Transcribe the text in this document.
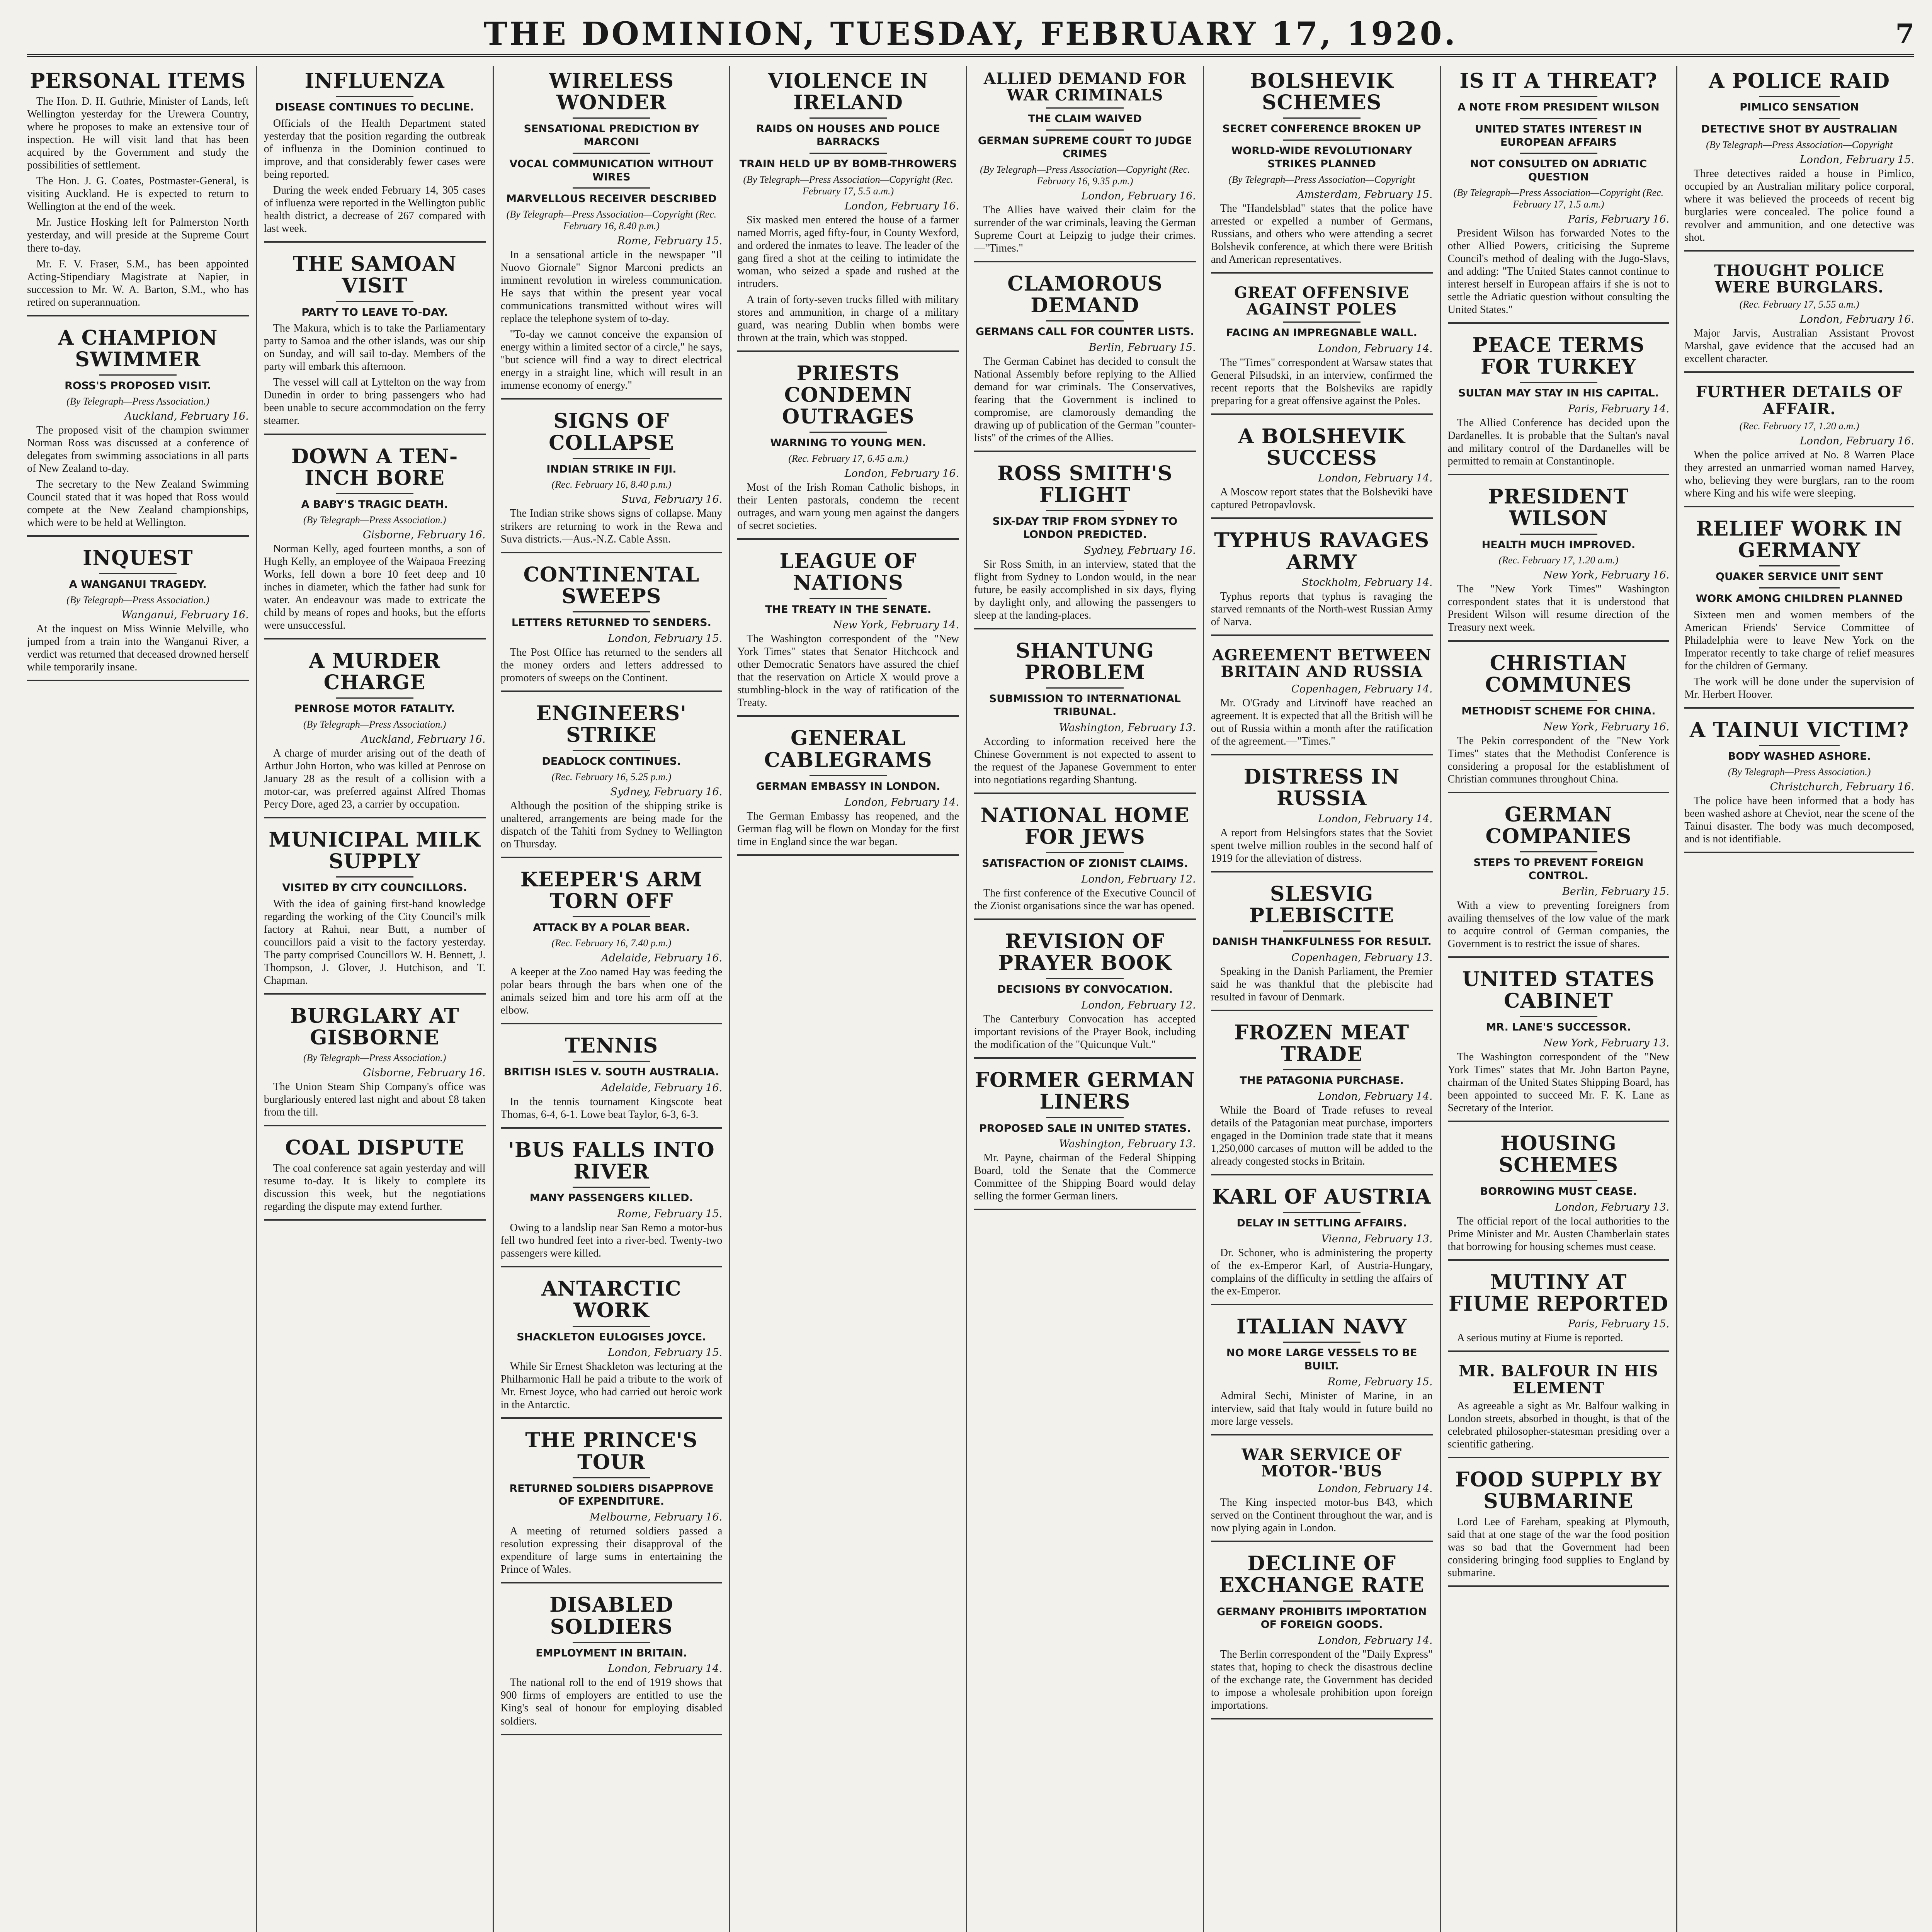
THE DOMINION, TUESDAY, FEBRUARY 17, 1920.	7
PERSONAL ITEMS

The Hon. D. H. Guthrie, Minister of Lands, left Wellington yesterday for the Urewera Country, where he proposes to make an extensive tour of inspection. He will visit land that has been acquired by the Government and study the possibilities of settlement.

The Hon. J. G. Coates, Postmaster-General, is visiting Auckland. He is expected to return to Wellington at the end of the week.

Mr. Justice Hosking left for Palmerston North yesterday, and will preside at the Supreme Court there to-day.

Mr. F. V. Fraser, S.M., has been appointed Acting-Stipendiary Magistrate at Napier, in succession to Mr. W. A. Barton, S.M., who has retired on superannuation.

A CHAMPION SWIMMER
ROSS'S PROPOSED VISIT.
(By Telegraph—Press Association.)
Auckland, February 16.

The proposed visit of the champion swimmer Norman Ross was discussed at a conference of delegates from swimming associations in all parts of New Zealand to-day.

The secretary to the New Zealand Swimming Council stated that it was hoped that Ross would compete at the New Zealand championships, which were to be held at Wellington.

INQUEST
A WANGANUI TRAGEDY.
(By Telegraph—Press Association.)
Wanganui, February 16.

At the inquest on Miss Winnie Melville, who jumped from a train into the Wanganui River, a verdict was returned that deceased drowned herself while temporarily insane.

INFLUENZA
DISEASE CONTINUES TO DECLINE.

Officials of the Health Department stated yesterday that the position regarding the outbreak of influenza in the Dominion continued to improve, and that considerably fewer cases were being reported.

During the week ended February 14, 305 cases of influenza were reported in the Wellington public health district, a decrease of 267 compared with last week.

THE SAMOAN VISIT
PARTY TO LEAVE TO-DAY.

The Makura, which is to take the Parliamentary party to Samoa and the other islands, was our ship on Sunday, and will sail to-day. Members of the party will embark this afternoon.

The vessel will call at Lyttelton on the way from Dunedin in order to bring passengers who had been unable to secure accommodation on the ferry steamer.

DOWN A TEN-INCH BORE
A BABY'S TRAGIC DEATH.
(By Telegraph—Press Association.)
Gisborne, February 16.

Norman Kelly, aged fourteen months, a son of Hugh Kelly, an employee of the Waipaoa Freezing Works, fell down a bore 10 feet deep and 10 inches in diameter, which the father had sunk for water. An endeavour was made to extricate the child by means of ropes and hooks, but the efforts were unsuccessful.

A MURDER CHARGE
PENROSE MOTOR FATALITY.
(By Telegraph—Press Association.)
Auckland, February 16.

A charge of murder arising out of the death of Arthur John Horton, who was killed at Penrose on January 28 as the result of a collision with a motor-car, was preferred against Alfred Thomas Percy Dore, aged 23, a carrier by occupation.

MUNICIPAL MILK SUPPLY
VISITED BY CITY COUNCILLORS.

With the idea of gaining first-hand knowledge regarding the working of the City Council's milk factory at Rahui, near Butt, a number of councillors paid a visit to the factory yesterday. The party comprised Councillors W. H. Bennett, J. Thompson, J. Glover, J. Hutchison, and T. Chapman.

BURGLARY AT GISBORNE
(By Telegraph—Press Association.)
Gisborne, February 16.

The Union Steam Ship Company's office was burglariously entered last night and about £8 taken from the till.

COAL DISPUTE

The coal conference sat again yesterday and will resume to-day. It is likely to complete its discussion this week, but the negotiations regarding the dispute may extend further.

WIRELESS WONDER
SENSATIONAL PREDICTION BY MARCONI
VOCAL COMMUNICATION WITHOUT WIRES
MARVELLOUS RECEIVER DESCRIBED
(By Telegraph—Press Association—Copyright (Rec. February 16, 8.40 p.m.)
Rome, February 15.

In a sensational article in the newspaper "Il Nuovo Giornale" Signor Marconi predicts an imminent revolution in wireless communication. He says that within the present year vocal communications transmitted without wires will replace the telephone system of to-day.

"To-day we cannot conceive the expansion of energy within a limited sector of a circle," he says, "but science will find a way to direct electrical energy in a straight line, which will result in an immense economy of energy."

SIGNS OF COLLAPSE
INDIAN STRIKE IN FIJI.
(Rec. February 16, 8.40 p.m.)
Suva, February 16.

The Indian strike shows signs of collapse. Many strikers are returning to work in the Rewa and Suva districts.—Aus.-N.Z. Cable Assn.

CONTINENTAL SWEEPS
LETTERS RETURNED TO SENDERS.
London, February 15.

The Post Office has returned to the senders all the money orders and letters addressed to promoters of sweeps on the Continent.

ENGINEERS' STRIKE
DEADLOCK CONTINUES.
(Rec. February 16, 5.25 p.m.)
Sydney, February 16.

Although the position of the shipping strike is unaltered, arrangements are being made for the dispatch of the Tahiti from Sydney to Wellington on Thursday.

KEEPER'S ARM TORN OFF
ATTACK BY A POLAR BEAR.
(Rec. February 16, 7.40 p.m.)
Adelaide, February 16.

A keeper at the Zoo named Hay was feeding the polar bears through the bars when one of the animals seized him and tore his arm off at the elbow.

TENNIS
BRITISH ISLES V. SOUTH AUSTRALIA.
Adelaide, February 16.

In the tennis tournament Kingscote beat Thomas, 6-4, 6-1. Lowe beat Taylor, 6-3, 6-3.

'BUS FALLS INTO RIVER
MANY PASSENGERS KILLED.
Rome, February 15.

Owing to a landslip near San Remo a motor-bus fell two hundred feet into a river-bed. Twenty-two passengers were killed.

ANTARCTIC WORK
SHACKLETON EULOGISES JOYCE.
London, February 15.

While Sir Ernest Shackleton was lecturing at the Philharmonic Hall he paid a tribute to the work of Mr. Ernest Joyce, who had carried out heroic work in the Antarctic.

THE PRINCE'S TOUR
RETURNED SOLDIERS DISAPPROVE OF EXPENDITURE.
Melbourne, February 16.

A meeting of returned soldiers passed a resolution expressing their disapproval of the expenditure of large sums in entertaining the Prince of Wales.

DISABLED SOLDIERS
EMPLOYMENT IN BRITAIN.
London, February 14.

The national roll to the end of 1919 shows that 900 firms of employers are entitled to use the King's seal of honour for employing disabled soldiers.

VIOLENCE IN IRELAND
RAIDS ON HOUSES AND POLICE BARRACKS
TRAIN HELD UP BY BOMB-THROWERS
(By Telegraph—Press Association—Copyright (Rec. February 17, 5.5 a.m.)
London, February 16.

Six masked men entered the house of a farmer named Morris, aged fifty-four, in County Wexford, and ordered the inmates to leave. The leader of the gang fired a shot at the ceiling to intimidate the woman, who seized a spade and rushed at the intruders.

A train of forty-seven trucks filled with military stores and ammunition, in charge of a military guard, was nearing Dublin when bombs were thrown at the train, which was stopped.

PRIESTS CONDEMN OUTRAGES
WARNING TO YOUNG MEN.
(Rec. February 17, 6.45 a.m.)
London, February 16.

Most of the Irish Roman Catholic bishops, in their Lenten pastorals, condemn the recent outrages, and warn young men against the dangers of secret societies.

LEAGUE OF NATIONS
THE TREATY IN THE SENATE.
New York, February 14.

The Washington correspondent of the "New York Times" states that Senator Hitchcock and other Democratic Senators have assured the chief that the reservation on Article X would prove a stumbling-block in the way of ratification of the Treaty.

GENERAL CABLEGRAMS
GERMAN EMBASSY IN LONDON.
London, February 14.

The German Embassy has reopened, and the German flag will be flown on Monday for the first time in England since the war began.

ALLIED DEMAND FOR WAR CRIMINALS
THE CLAIM WAIVED
GERMAN SUPREME COURT TO JUDGE CRIMES
(By Telegraph—Press Association—Copyright (Rec. February 16, 9.35 p.m.)
London, February 16.

The Allies have waived their claim for the surrender of the war criminals, leaving the German Supreme Court at Leipzig to judge their crimes.—"Times."

CLAMOROUS DEMAND
GERMANS CALL FOR COUNTER LISTS.
Berlin, February 15.

The German Cabinet has decided to consult the National Assembly before replying to the Allied demand for war criminals. The Conservatives, fearing that the Government is inclined to compromise, are clamorously demanding the drawing up of publication of the German "counter-lists" of the crimes of the Allies.

ROSS SMITH'S FLIGHT
SIX-DAY TRIP FROM SYDNEY TO LONDON PREDICTED.
Sydney, February 16.

Sir Ross Smith, in an interview, stated that the flight from Sydney to London would, in the near future, be easily accomplished in six days, flying by daylight only, and allowing the passengers to sleep at the landing-places.

SHANTUNG PROBLEM
SUBMISSION TO INTERNATIONAL TRIBUNAL.
Washington, February 13.

According to information received here the Chinese Government is not expected to assent to the request of the Japanese Government to enter into negotiations regarding Shantung.

NATIONAL HOME FOR JEWS
SATISFACTION OF ZIONIST CLAIMS.
London, February 12.

The first conference of the Executive Council of the Zionist organisations since the war has opened.

REVISION OF PRAYER BOOK
DECISIONS BY CONVOCATION.
London, February 12.

The Canterbury Convocation has accepted important revisions of the Prayer Book, including the modification of the "Quicunque Vult."

FORMER GERMAN LINERS
PROPOSED SALE IN UNITED STATES.
Washington, February 13.

Mr. Payne, chairman of the Federal Shipping Board, told the Senate that the Commerce Committee of the Shipping Board would delay selling the former German liners.

BOLSHEVIK SCHEMES
SECRET CONFERENCE BROKEN UP
WORLD-WIDE REVOLUTIONARY STRIKES PLANNED
(By Telegraph—Press Association—Copyright
Amsterdam, February 15.

The "Handelsblad" states that the police have arrested or expelled a number of Germans, Russians, and others who were attending a secret Bolshevik conference, at which there were British and American representatives.

GREAT OFFENSIVE AGAINST POLES
FACING AN IMPREGNABLE WALL.
London, February 14.

The "Times" correspondent at Warsaw states that General Pilsudski, in an interview, confirmed the recent reports that the Bolsheviks are rapidly preparing for a great offensive against the Poles.

A BOLSHEVIK SUCCESS
London, February 14.

A Moscow report states that the Bolsheviki have captured Petropavlovsk.

TYPHUS RAVAGES ARMY
Stockholm, February 14.

Typhus reports that typhus is ravaging the starved remnants of the North-west Russian Army of Narva.

AGREEMENT BETWEEN BRITAIN AND RUSSIA
Copenhagen, February 14.

Mr. O'Grady and Litvinoff have reached an agreement. It is expected that all the British will be out of Russia within a month after the ratification of the agreement.—"Times."

DISTRESS IN RUSSIA
London, February 14.

A report from Helsingfors states that the Soviet spent twelve million roubles in the second half of 1919 for the alleviation of distress.

SLESVIG PLEBISCITE
DANISH THANKFULNESS FOR RESULT.
Copenhagen, February 13.

Speaking in the Danish Parliament, the Premier said he was thankful that the plebiscite had resulted in favour of Denmark.

FROZEN MEAT TRADE
THE PATAGONIA PURCHASE.
London, February 14.

While the Board of Trade refuses to reveal details of the Patagonian meat purchase, importers engaged in the Dominion trade state that it means 1,250,000 carcases of mutton will be added to the already congested stocks in Britain.

KARL OF AUSTRIA
DELAY IN SETTLING AFFAIRS.
Vienna, February 13.

Dr. Schoner, who is administering the property of the ex-Emperor Karl, of Austria-Hungary, complains of the difficulty in settling the affairs of the ex-Emperor.

ITALIAN NAVY
NO MORE LARGE VESSELS TO BE BUILT.
Rome, February 15.

Admiral Sechi, Minister of Marine, in an interview, said that Italy would in future build no more large vessels.

WAR SERVICE OF MOTOR-'BUS
London, February 14.

The King inspected motor-bus B43, which served on the Continent throughout the war, and is now plying again in London.

DECLINE OF EXCHANGE RATE
GERMANY PROHIBITS IMPORTATION OF FOREIGN GOODS.
London, February 14.

The Berlin correspondent of the "Daily Express" states that, hoping to check the disastrous decline of the exchange rate, the Government has decided to impose a wholesale prohibition upon foreign importations.

IS IT A THREAT?
A NOTE FROM PRESIDENT WILSON
UNITED STATES INTEREST IN EUROPEAN AFFAIRS
NOT CONSULTED ON ADRIATIC QUESTION
(By Telegraph—Press Association—Copyright (Rec. February 17, 1.5 a.m.)
Paris, February 16.

President Wilson has forwarded Notes to the other Allied Powers, criticising the Supreme Council's method of dealing with the Jugo-Slavs, and adding: "The United States cannot continue to interest herself in European affairs if she is not to settle the Adriatic question without consulting the United States."

PEACE TERMS FOR TURKEY
SULTAN MAY STAY IN HIS CAPITAL.
Paris, February 14.

The Allied Conference has decided upon the Dardanelles. It is probable that the Sultan's naval and military control of the Dardanelles will be permitted to remain at Constantinople.

PRESIDENT WILSON
HEALTH MUCH IMPROVED.
(Rec. February 17, 1.20 a.m.)
New York, February 16.

The "New York Times'" Washington correspondent states that it is understood that President Wilson will resume direction of the Treasury next week.

CHRISTIAN COMMUNES
METHODIST SCHEME FOR CHINA.
New York, February 16.

The Pekin correspondent of the "New York Times" states that the Methodist Conference is considering a proposal for the establishment of Christian communes throughout China.

GERMAN COMPANIES
STEPS TO PREVENT FOREIGN CONTROL.
Berlin, February 15.

With a view to preventing foreigners from availing themselves of the low value of the mark to acquire control of German companies, the Government is to restrict the issue of shares.

UNITED STATES CABINET
MR. LANE'S SUCCESSOR.
New York, February 13.

The Washington correspondent of the "New York Times" states that Mr. John Barton Payne, chairman of the United States Shipping Board, has been appointed to succeed Mr. F. K. Lane as Secretary of the Interior.

HOUSING SCHEMES
BORROWING MUST CEASE.
London, February 13.

The official report of the local authorities to the Prime Minister and Mr. Austen Chamberlain states that borrowing for housing schemes must cease.

MUTINY AT FIUME REPORTED
Paris, February 15.

A serious mutiny at Fiume is reported.

MR. BALFOUR IN HIS ELEMENT

As agreeable a sight as Mr. Balfour walking in London streets, absorbed in thought, is that of the celebrated philosopher-statesman presiding over a scientific gathering.

FOOD SUPPLY BY SUBMARINE

Lord Lee of Fareham, speaking at Plymouth, said that at one stage of the war the food position was so bad that the Government had been considering bringing food supplies to England by submarine.

A POLICE RAID
PIMLICO SENSATION
DETECTIVE SHOT BY AUSTRALIAN
(By Telegraph—Press Association—Copyright
London, February 15.

Three detectives raided a house in Pimlico, occupied by an Australian military police corporal, where it was believed the proceeds of recent big burglaries were concealed. The police found a revolver and ammunition, and one detective was shot.

THOUGHT POLICE WERE BURGLARS.
(Rec. February 17, 5.55 a.m.)
London, February 16.

Major Jarvis, Australian Assistant Provost Marshal, gave evidence that the accused had an excellent character.

FURTHER DETAILS OF AFFAIR.
(Rec. February 17, 1.20 a.m.)
London, February 16.

When the police arrived at No. 8 Warren Place they arrested an unmarried woman named Harvey, who, believing they were burglars, ran to the room where King and his wife were sleeping.

RELIEF WORK IN GERMANY
QUAKER SERVICE UNIT SENT
WORK AMONG CHILDREN PLANNED

Sixteen men and women members of the American Friends' Service Committee of Philadelphia were to leave New York on the Imperator recently to take charge of relief measures for the children of Germany.

The work will be done under the supervision of Mr. Herbert Hoover.

A TAINUI VICTIM?
BODY WASHED ASHORE.
(By Telegraph—Press Association.)
Christchurch, February 16.

The police have been informed that a body has been washed ashore at Cheviot, near the scene of the Tainui disaster. The body was much decomposed, and is not identifiable.
